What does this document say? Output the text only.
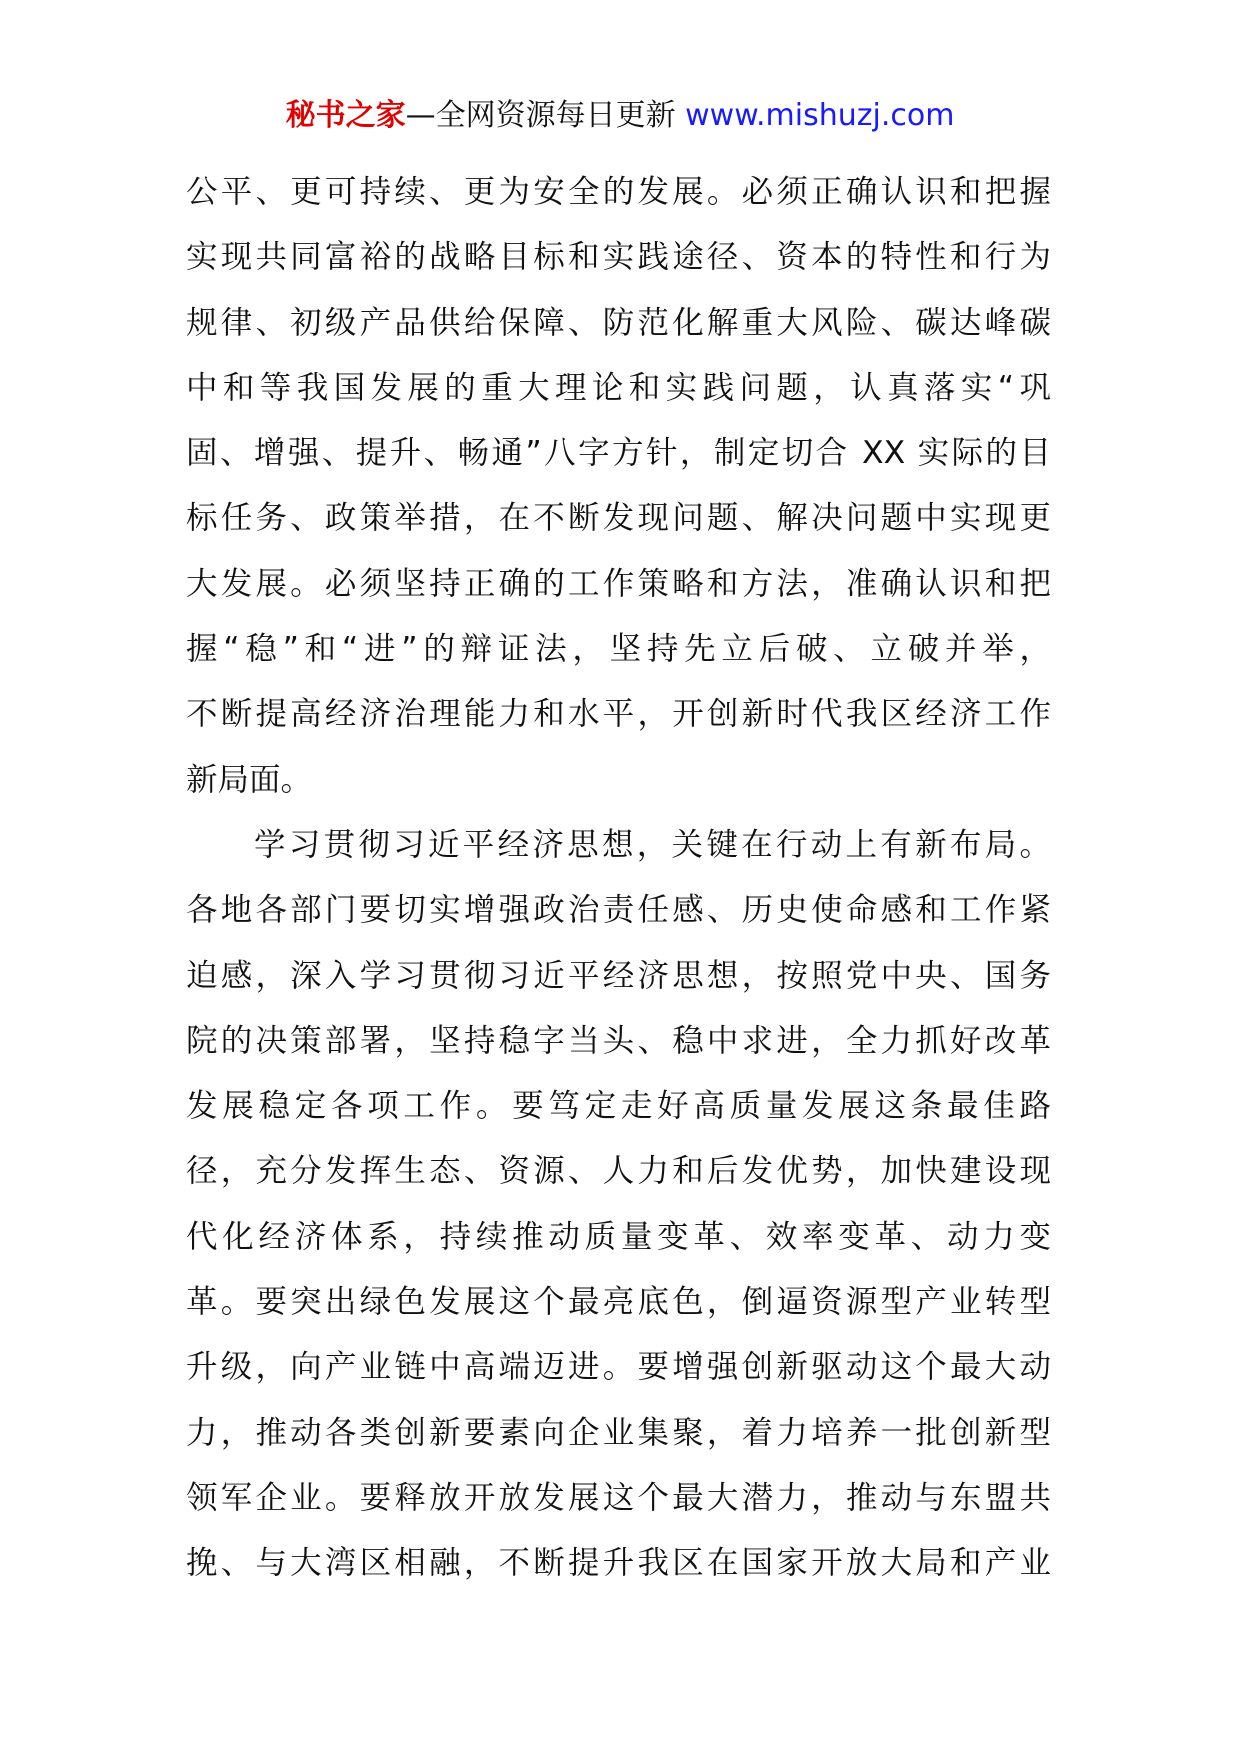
秘书之家—全网资源每日更新 www.mishuzj.com
公平、更可持续、更为安全的发展。必须正确认识和把握
实现共同富裕的战略目标和实践途径、资本的特性和行为
规律、初级产品供给保障、防范化解重大风险、碳达峰碳
中和等我国发展的重大理论和实践问题，认真落实“巩
固、增强、提升、畅通”八字方针，制定切合 XX 实际的目
标任务、政策举措，在不断发现问题、解决问题中实现更
大发展。必须坚持正确的工作策略和方法，准确认识和把
握“稳”和“进”的辩证法，坚持先立后破、立破并举，
不断提高经济治理能力和水平，开创新时代我区经济工作
新局面。
学习贯彻习近平经济思想，关键在行动上有新布局。
各地各部门要切实增强政治责任感、历史使命感和工作紧
迫感，深入学习贯彻习近平经济思想，按照党中央、国务
院的决策部署，坚持稳字当头、稳中求进，全力抓好改革
发展稳定各项工作。要笃定走好高质量发展这条最佳路
径，充分发挥生态、资源、人力和后发优势，加快建设现
代化经济体系，持续推动质量变革、效率变革、动力变
革。要突出绿色发展这个最亮底色，倒逼资源型产业转型
升级，向产业链中高端迈进。要增强创新驱动这个最大动
力，推动各类创新要素向企业集聚，着力培养一批创新型
领军企业。要释放开放发展这个最大潜力，推动与东盟共
挽、与大湾区相融，不断提升我区在国家开放大局和产业
